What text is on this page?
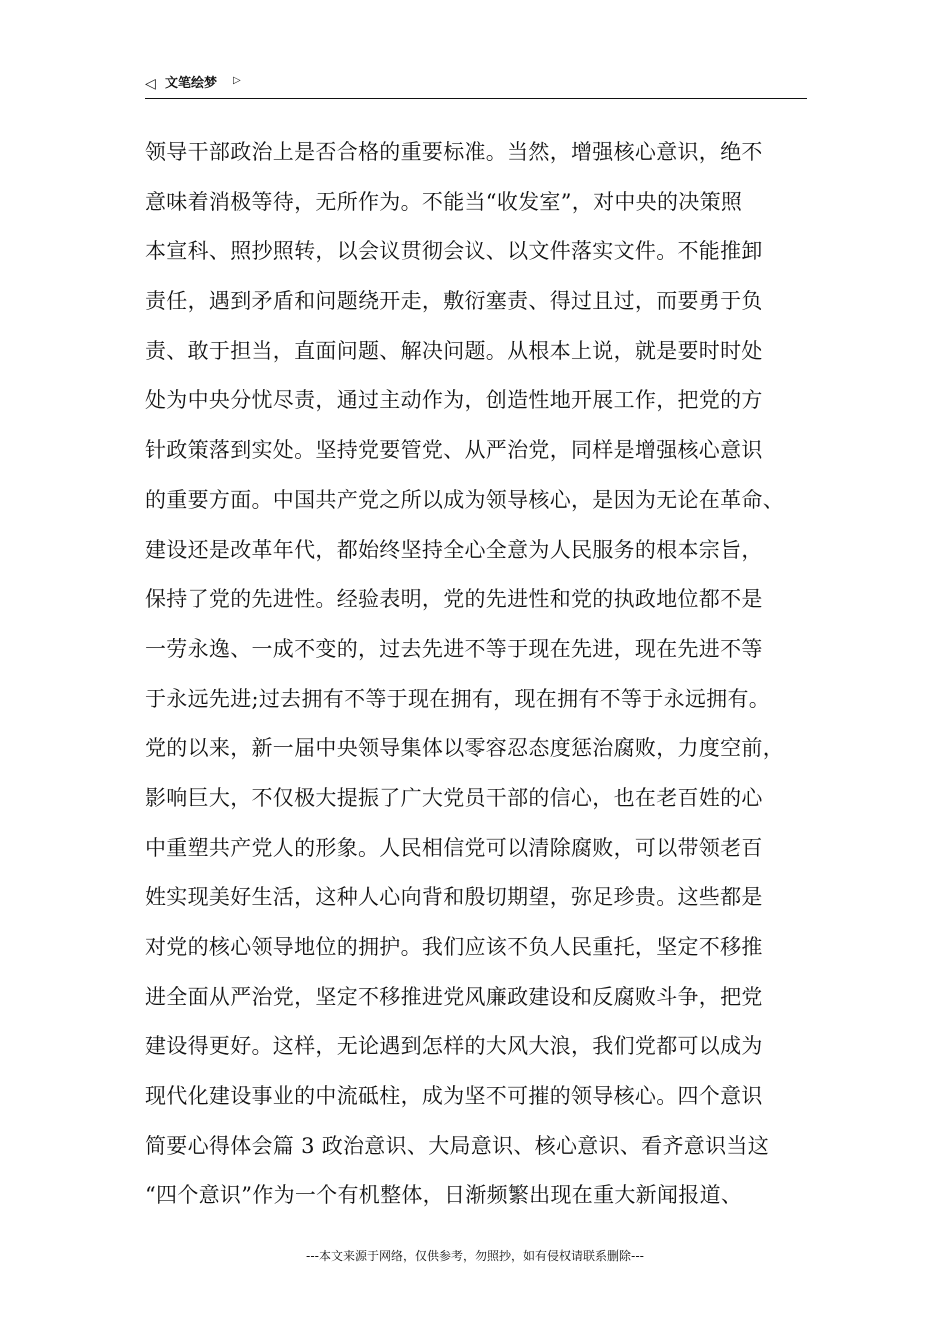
◁ 文笔绘梦 ▷
领导干部政治上是否合格的重要标准。当然，增强核心意识，绝不
意味着消极等待，无所作为。不能当“收发室”，对中央的决策照
本宣科、照抄照转，以会议贯彻会议、以文件落实文件。不能推卸
责任，遇到矛盾和问题绕开走，敷衍塞责、得过且过，而要勇于负
责、敢于担当，直面问题、解决问题。从根本上说，就是要时时处
处为中央分忧尽责，通过主动作为，创造性地开展工作，把党的方
针政策落到实处。坚持党要管党、从严治党，同样是增强核心意识
的重要方面。中国共产党之所以成为领导核心，是因为无论在革命、
建设还是改革年代，都始终坚持全心全意为人民服务的根本宗旨，
保持了党的先进性。经验表明，党的先进性和党的执政地位都不是
一劳永逸、一成不变的，过去先进不等于现在先进，现在先进不等
于永远先进;过去拥有不等于现在拥有，现在拥有不等于永远拥有。
党的以来，新一届中央领导集体以零容忍态度惩治腐败，力度空前，
影响巨大，不仅极大提振了广大党员干部的信心，也在老百姓的心
中重塑共产党人的形象。人民相信党可以清除腐败，可以带领老百
姓实现美好生活，这种人心向背和殷切期望，弥足珍贵。这些都是
对党的核心领导地位的拥护。我们应该不负人民重托，坚定不移推
进全面从严治党，坚定不移推进党风廉政建设和反腐败斗争，把党
建设得更好。这样，无论遇到怎样的大风大浪，我们党都可以成为
现代化建设事业的中流砥柱，成为坚不可摧的领导核心。四个意识
简要心得体会篇 3 政治意识、大局意识、核心意识、看齐意识当这
“四个意识”作为一个有机整体，日渐频繁出现在重大新闻报道、
---本文来源于网络，仅供参考，勿照抄，如有侵权请联系删除---
